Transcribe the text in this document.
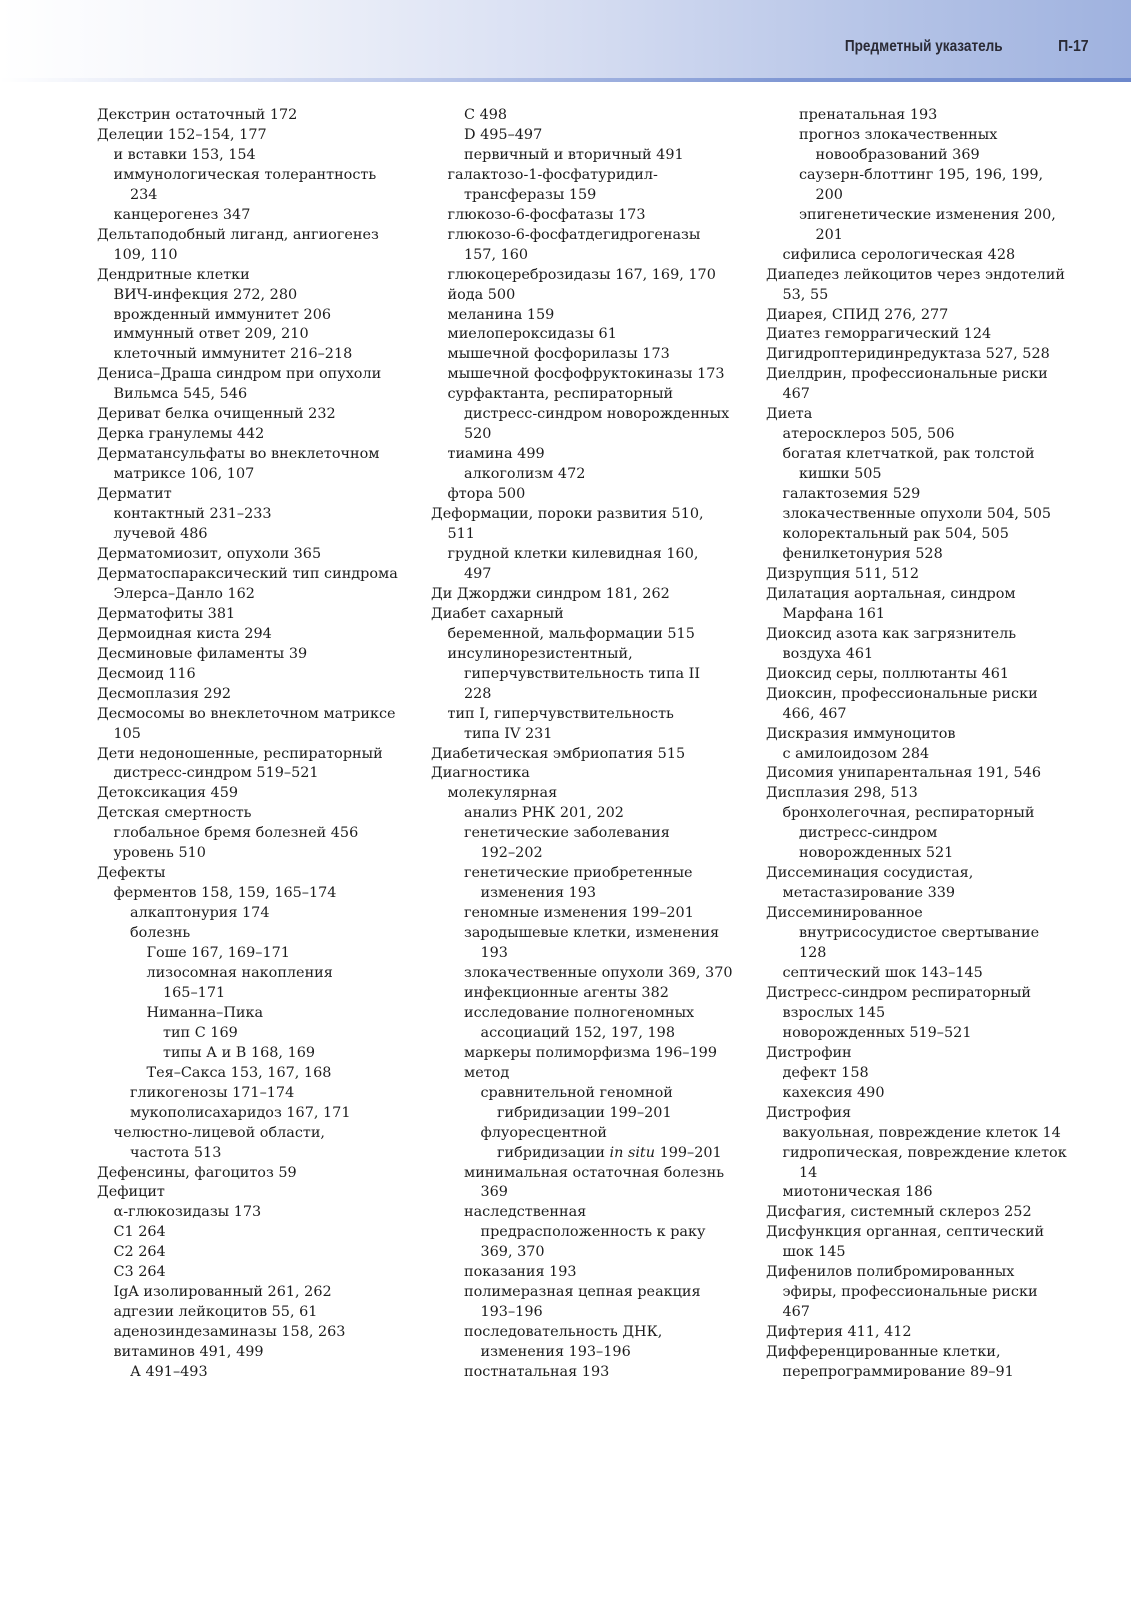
Предметный указатель	П-17
Декстрин остаточный 172
Делеции 152–154, 177
и вставки 153, 154
иммунологическая толерантность
234
канцерогенез 347
Дельтаподобный лиганд, ангиогенез
109, 110
Дендритные клетки
ВИЧ-инфекция 272, 280
врожденный иммунитет 206
иммунный ответ 209, 210
клеточный иммунитет 216–218
Дениса–Драша синдром при опухоли
Вильмса 545, 546
Дериват белка очищенный 232
Дерка гранулемы 442
Дерматансульфаты во внеклеточном
матриксе 106, 107
Дерматит
контактный 231–233
лучевой 486
Дерматомиозит, опухоли 365
Дерматоспараксический тип синдрома
Элерса–Данло 162
Дерматофиты 381
Дермоидная киста 294
Десминовые филаменты 39
Десмоид 116
Десмоплазия 292
Десмосомы во внеклеточном матриксе
105
Дети недоношенные, респираторный
дистресс-синдром 519–521
Детоксикация 459
Детская смертность
глобальное бремя болезней 456
уровень 510
Дефекты
ферментов 158, 159, 165–174
алкаптонурия 174
болезнь
Гоше 167, 169–171
лизосомная накопления
165–171
Ниманна–Пика
тип С 169
типы А и В 168, 169
Тея–Сакса 153, 167, 168
гликогенозы 171–174
мукополисахаридоз 167, 171
челюстно-лицевой области,
частота 513
Дефенсины, фагоцитоз 59
Дефицит
α-глюкозидазы 173
С1 264
С2 264
С3 264
IgA изолированный 261, 262
адгезии лейкоцитов 55, 61
аденозиндезаминазы 158, 263
витаминов 491, 499
А 491–493
С 498
D 495–497
первичный и вторичный 491
галактозо-1-фосфатуридил-
трансферазы 159
глюкозо-6-фосфатазы 173
глюкозо-6-фосфатдегидрогеназы
157, 160
глюкоцереброзидазы 167, 169, 170
йода 500
меланина 159
миелопероксидазы 61
мышечной фосфорилазы 173
мышечной фосфофруктокиназы 173
сурфактанта, респираторный
дистресс-синдром новорожденных
520
тиамина 499
алкоголизм 472
фтора 500
Деформации, пороки развития 510,
511
грудной клетки килевидная 160,
497
Ди Джорджи синдром 181, 262
Диабет сахарный
беременной, мальформации 515
инсулинорезистентный,
гиперчувствительность типа II
228
тип I, гиперчувствительность
типа IV 231
Диабетическая эмбриопатия 515
Диагностика
молекулярная
анализ РНК 201, 202
генетические заболевания
192–202
генетические приобретенные
изменения 193
геномные изменения 199–201
зародышевые клетки, изменения
193
злокачественные опухоли 369, 370
инфекционные агенты 382
исследование полногеномных
ассоциаций 152, 197, 198
маркеры полиморфизма 196–199
метод
сравнительной геномной
гибридизации 199–201
флуоресцентной
гибридизации in situ 199–201
минимальная остаточная болезнь
369
наследственная
предрасположенность к раку
369, 370
показания 193
полимеразная цепная реакция
193–196
последовательность ДНК,
изменения 193–196
постнатальная 193
пренатальная 193
прогноз злокачественных
новообразований 369
саузерн-блоттинг 195, 196, 199,
200
эпигенетические изменения 200,
201
сифилиса серологическая 428
Диапедез лейкоцитов через эндотелий
53, 55
Диарея, СПИД 276, 277
Диатез геморрагический 124
Дигидроптеридинредуктаза 527, 528
Диелдрин, профессиональные риски
467
Диета
атеросклероз 505, 506
богатая клетчаткой, рак толстой
кишки 505
галактоземия 529
злокачественные опухоли 504, 505
колоректальный рак 504, 505
фенилкетонурия 528
Дизрупция 511, 512
Дилатация аортальная, синдром
Марфана 161
Диоксид азота как загрязнитель
воздуха 461
Диоксид серы, поллютанты 461
Диоксин, профессиональные риски
466, 467
Дискразия иммуноцитов
с амилоидозом 284
Дисомия унипарентальная 191, 546
Дисплазия 298, 513
бронхолегочная, респираторный
дистресс-синдром
новорожденных 521
Диссеминация сосудистая,
метастазирование 339
Диссеминированное
внутрисосудистое свертывание
128
септический шок 143–145
Дистресс-синдром респираторный
взрослых 145
новорожденных 519–521
Дистрофин
дефект 158
кахексия 490
Дистрофия
вакуольная, повреждение клеток 14
гидропическая, повреждение клеток
14
миотоническая 186
Дисфагия, системный склероз 252
Дисфункция органная, септический
шок 145
Дифенилов полибромированных
эфиры, профессиональные риски
467
Дифтерия 411, 412
Дифференцированные клетки,
перепрограммирование 89–91
